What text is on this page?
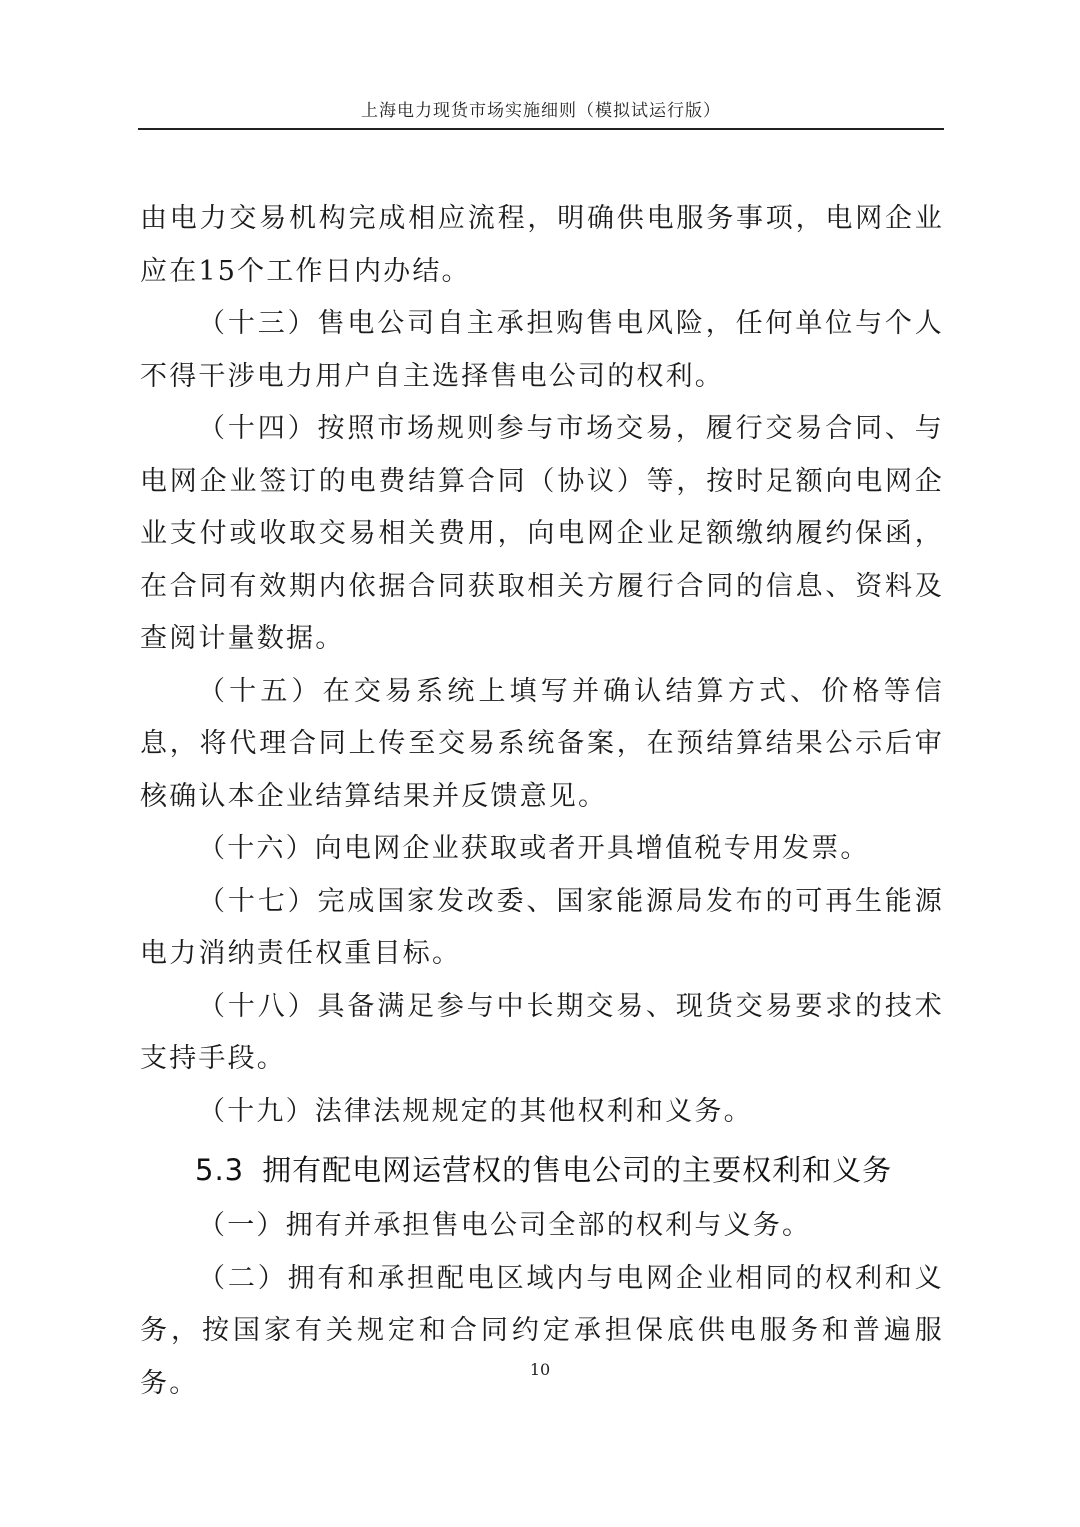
上海电力现货市场实施细则（模拟试运行版）

由电力交易机构完成相应流程，明确供电服务事项，电网企业应在15个工作日内办结。

（十三）售电公司自主承担购售电风险，任何单位与个人不得干涉电力用户自主选择售电公司的权利。

（十四）按照市场规则参与市场交易，履行交易合同、与电网企业签订的电费结算合同（协议）等，按时足额向电网企业支付或收取交易相关费用，向电网企业足额缴纳履约保函，在合同有效期内依据合同获取相关方履行合同的信息、资料及查阅计量数据。

（十五）在交易系统上填写并确认结算方式、价格等信息，将代理合同上传至交易系统备案，在预结算结果公示后审核确认本企业结算结果并反馈意见。

（十六）向电网企业获取或者开具增值税专用发票。

（十七）完成国家发改委、国家能源局发布的可再生能源电力消纳责任权重目标。

（十八）具备满足参与中长期交易、现货交易要求的技术支持手段。

（十九）法律法规规定的其他权利和义务。

5.3 拥有配电网运营权的售电公司的主要权利和义务

（一）拥有并承担售电公司全部的权利与义务。

（二）拥有和承担配电区域内与电网企业相同的权利和义务，按国家有关规定和合同约定承担保底供电服务和普遍服务。	10
